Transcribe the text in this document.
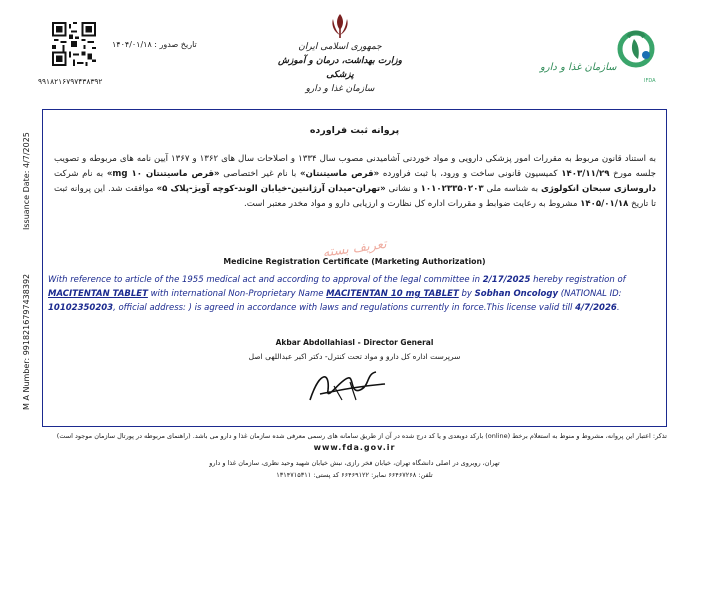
تاریخ صدور : ۱۴۰۴/۰۱/۱۸
۹۹۱۸۲۱۶۷۹۷۴۳۸۳۹۲
جمهوری اسلامی ایران
وزارت بهداشت، درمان و آموزش پزشکی
سازمان غذا و دارو
سازمان غذا و دارو
IFDA
Issuance Date: 4/7/2025
M A Number: 9918216797438392
پروانه ثبت فراورده
به استناد قانون مربوط به مقررات امور پزشکی دارویی و مواد خوردنی آشامیدنی مصوب سال ۱۳۳۴ و اصلاحات سال های ۱۳۶۲ و ۱۳۶۷ آیین نامه های مربوطه و تصویب جلسه مورخ ۱۴۰۳/۱۱/۲۹ کمیسیون قانونی ساخت و ورود، با ثبت فراورده «قرص ماسیتنتان» با نام غیر اختصاصی «قرص ماسیتنتان ۱۰ mg» به نام شرکت داروسازی سبحان انکولوژی به شناسه ملی ۱۰۱۰۲۳۳۵۰۲۰۳ و نشانی «تهران-میدان آرژانتین-خیابان الوند-کوچه آویژ-پلاک ۵» موافقت شد. این پروانه ثبت تا تاریخ ۱۴۰۵/۰۱/۱۸ مشروط به رعایت ضوابط و مقررات اداره کل نظارت و ارزیابی دارو و مواد مخدر معتبر است.
Medicine Registration Certificate (Marketing Authorization)
تعریف بسته
With reference to article of the 1955 medical act and according to approval of the legal committee in 2/17/2025 hereby registration of MACITENTAN TABLET with international Non-Proprietary Name MACITENTAN 10 mg TABLET by Sobhan Oncology (NATIONAL ID: 10102350203, official address: ) is agreed in accordance with laws and regulations currently in force.This license valid till 4/7/2026.
Akbar Abdollahiasl - Director General
سرپرست اداره کل دارو و مواد تحت کنترل- دکتر اکبر عبداللهی اصل
تذکر: اعتبار این پروانه، مشروط و منوط به استعلام برخط (online) بارکد دوبعدی و یا کد درج شده در آن از طریق سامانه های رسمی معرفی شده سازمان غذا و دارو می باشد. (راهنمای مربوطه در پورتال سازمان موجود است)
www.fda.gov.ir
تهران، روبروی در اصلی دانشگاه تهران، خیابان فخر رازی، نبش خیابان شهید وحید نظری، سازمان غذا و دارو
تلفن: ۶۶۴۶۷۲۶۸ نمابر: ۶۶۴۶۹۱۲۲ کد پستی: ۱۳۱۴۷۱۵۳۱۱
